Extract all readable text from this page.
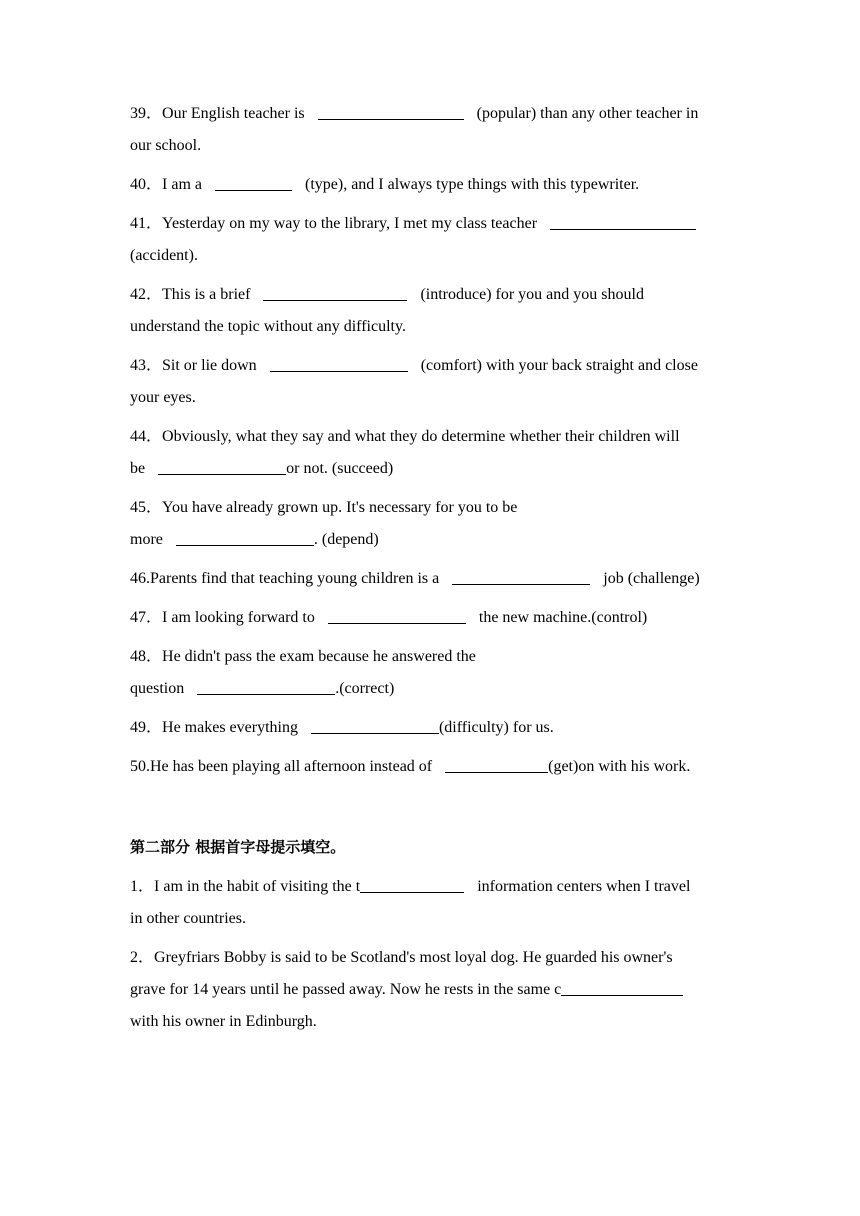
39．Our English teacher is	(popular) than any other teacher in

our school.

40．I am a	(type), and I always type things with this typewriter.

41．Yesterday on my way to the library, I met my class teacher

(accident).

42．This is a brief	(introduce) for you and you should

understand the topic without any difficulty.

43．Sit or lie down	(comfort) with your back straight and close

your eyes.

44．Obviously, what they say and what they do determine whether their children will

be	or not. (succeed)

45．You have already grown up. It's necessary for you to be

more	. (depend)

46.Parents find that teaching young children is a	job (challenge)

47．I am looking forward to	the new machine.(control)

48．He didn't pass the exam because he answered the

question	.(correct)

49．He makes everything	(difficulty) for us.

50.He has been playing all afternoon instead of	(get)on with his work.

第二部分 根据首字母提示填空。

1．I am in the habit of visiting the t	information centers when I travel

in other countries.

2．Greyfriars Bobby is said to be Scotland's most loyal dog. He guarded his owner's

grave for 14 years until he passed away. Now he rests in the same c

with his owner in Edinburgh.
